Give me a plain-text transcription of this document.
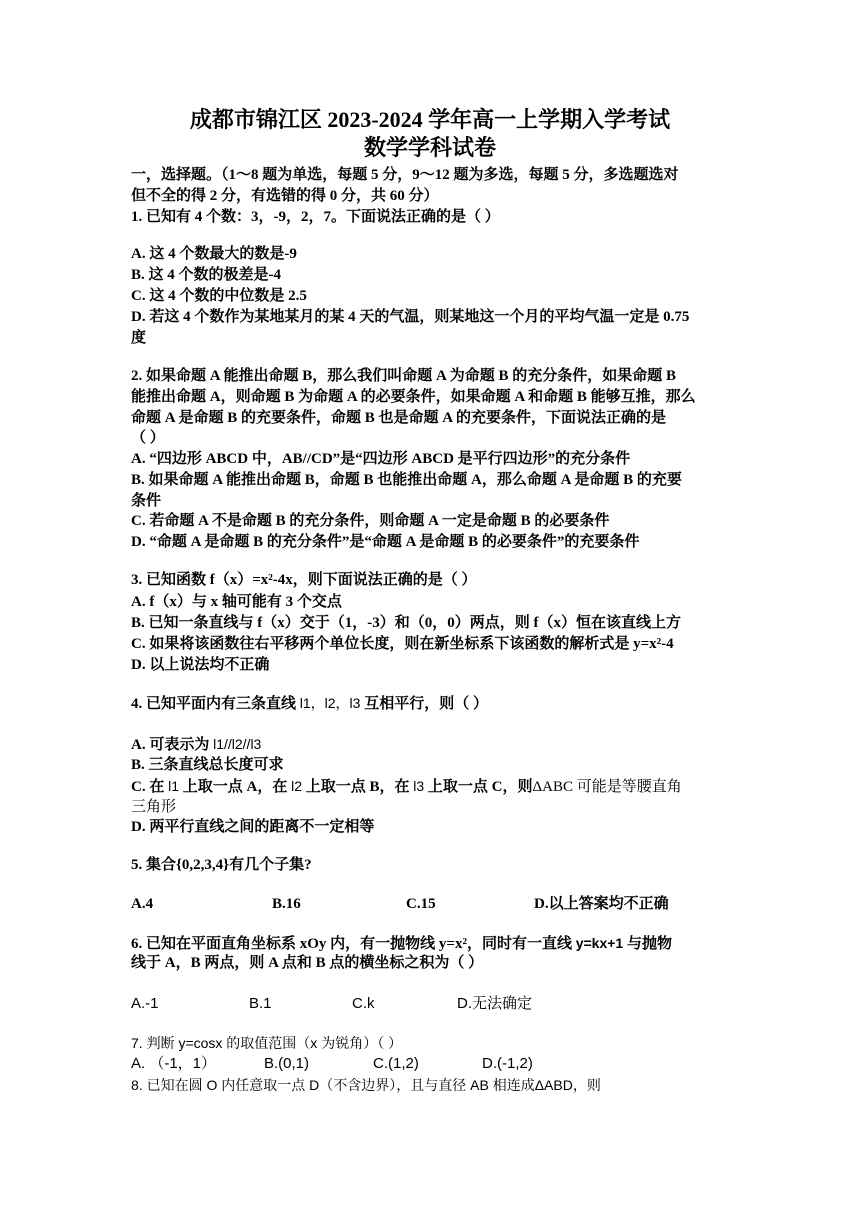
成都市锦江区 2023-2024 学年高一上学期入学考试
数学学科试卷
一，选择题。（1～8 题为单选，每题 5 分，9～12 题为多选，每题 5 分，多选题选对
但不全的得 2 分，有选错的得 0 分，共 60 分）
1. 已知有 4 个数：3，-9，2，7。下面说法正确的是（ ）
A. 这 4 个数最大的数是-9
B. 这 4 个数的极差是-4
C. 这 4 个数的中位数是 2.5
D. 若这 4 个数作为某地某月的某 4 天的气温，则某地这一个月的平均气温一定是 0.75
度
2. 如果命题 A 能推出命题 B，那么我们叫命题 A 为命题 B 的充分条件，如果命题 B
能推出命题 A，则命题 B 为命题 A 的必要条件，如果命题 A 和命题 B 能够互推，那么
命题 A 是命题 B 的充要条件，命题 B 也是命题 A 的充要条件，下面说法正确的是
（ ）
A. “四边形 ABCD 中，AB//CD”是“四边形 ABCD 是平行四边形”的充分条件
B. 如果命题 A 能推出命题 B，命题 B 也能推出命题 A，那么命题 A 是命题 B 的充要
条件
C. 若命题 A 不是命题 B 的充分条件，则命题 A 一定是命题 B 的必要条件
D. “命题 A 是命题 B 的充分条件”是“命题 A 是命题 B 的必要条件”的充要条件
3. 已知函数 f（x）=x²-4x，则下面说法正确的是（ ）
A. f（x）与 x 轴可能有 3 个交点
B. 已知一条直线与 f（x）交于（1，-3）和（0，0）两点，则 f（x）恒在该直线上方
C. 如果将该函数往右平移两个单位长度，则在新坐标系下该函数的解析式是 y=x²-4
D. 以上说法均不正确
4. 已知平面内有三条直线 l1，l2，l3 互相平行，则（ ）
A. 可表示为 l1//l2//l3
B. 三条直线总长度可求
C. 在 l1 上取一点 A，在 l2 上取一点 B，在 l3 上取一点 C，则ΔABC 可能是等腰直角
三角形
D. 两平行直线之间的距离不一定相等
5. 集合{0,2,3,4}有几个子集?
A.4	B.16	C.15	D.以上答案均不正确
6. 已知在平面直角坐标系 xOy 内，有一抛物线 y=x²，同时有一直线 y=kx+1 与抛物
线于 A，B 两点，则 A 点和 B 点的横坐标之积为（ ）
A.-1	B.1	C.k	D.无法确定
7. 判断 y=cosx 的取值范围（x 为锐角）（ ）
A. （-1，1）	B.(0,1)	C.(1,2)	D.(-1,2)
8. 已知在圆 O 内任意取一点 D（不含边界），且与直径 AB 相连成ΔABD，则
